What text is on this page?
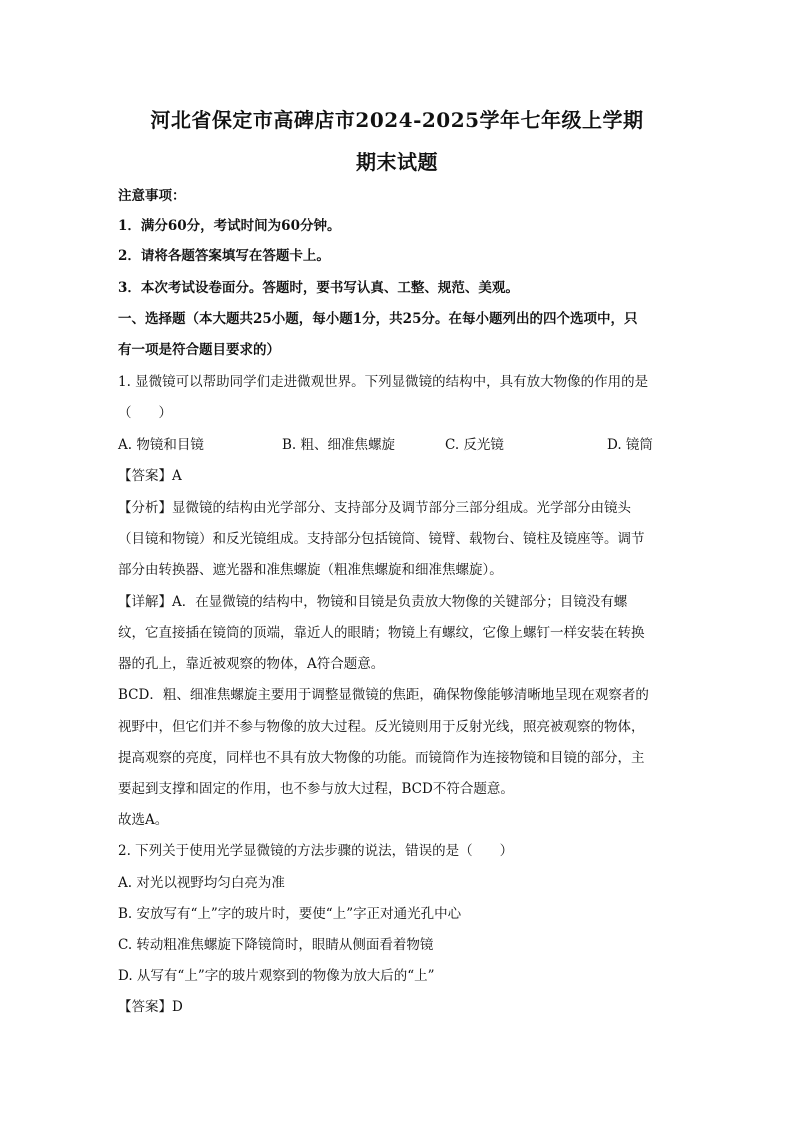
河北省保定市高碑店市2024-2025学年七年级上学期
期末试题
注意事项：
1．满分60分，考试时间为60分钟。
2．请将各题答案填写在答题卡上。
3．本次考试设卷面分。答题时，要书写认真、工整、规范、美观。
一、选择题（本大题共25小题，每小题1分，共25分。在每小题列出的四个选项中，只
有一项是符合题目要求的）
1. 显微镜可以帮助同学们走进微观世界。下列显微镜的结构中，具有放大物像的作用的是
（　　）
A. 物镜和目镜	B. 粗、细准焦螺旋	C. 反光镜	D. 镜筒
【答案】A
【分析】显微镜的结构由光学部分、支持部分及调节部分三部分组成。光学部分由镜头
（目镜和物镜）和反光镜组成。支持部分包括镜筒、镜臂、载物台、镜柱及镜座等。调节
部分由转换器、遮光器和准焦螺旋（粗准焦螺旋和细准焦螺旋）。
【详解】A．在显微镜的结构中，物镜和目镜是负责放大物像的关键部分；目镜没有螺
纹，它直接插在镜筒的顶端，靠近人的眼睛；物镜上有螺纹，它像上螺钉一样安装在转换
器的孔上，靠近被观察的物体，A符合题意。
BCD．粗、细准焦螺旋主要用于调整显微镜的焦距，确保物像能够清晰地呈现在观察者的
视野中，但它们并不参与物像的放大过程。反光镜则用于反射光线，照亮被观察的物体，
提高观察的亮度，同样也不具有放大物像的功能。而镜筒作为连接物镜和目镜的部分，主
要起到支撑和固定的作用，也不参与放大过程，BCD不符合题意。
故选A。
2. 下列关于使用光学显微镜的方法步骤的说法，错误的是（　　）
A. 对光以视野均匀白亮为准
B. 安放写有“上”字的玻片时，要使“上”字正对通光孔中心
C. 转动粗准焦螺旋下降镜筒时，眼睛从侧面看着物镜
D. 从写有“上”字的玻片观察到的物像为放大后的“上”
【答案】D
